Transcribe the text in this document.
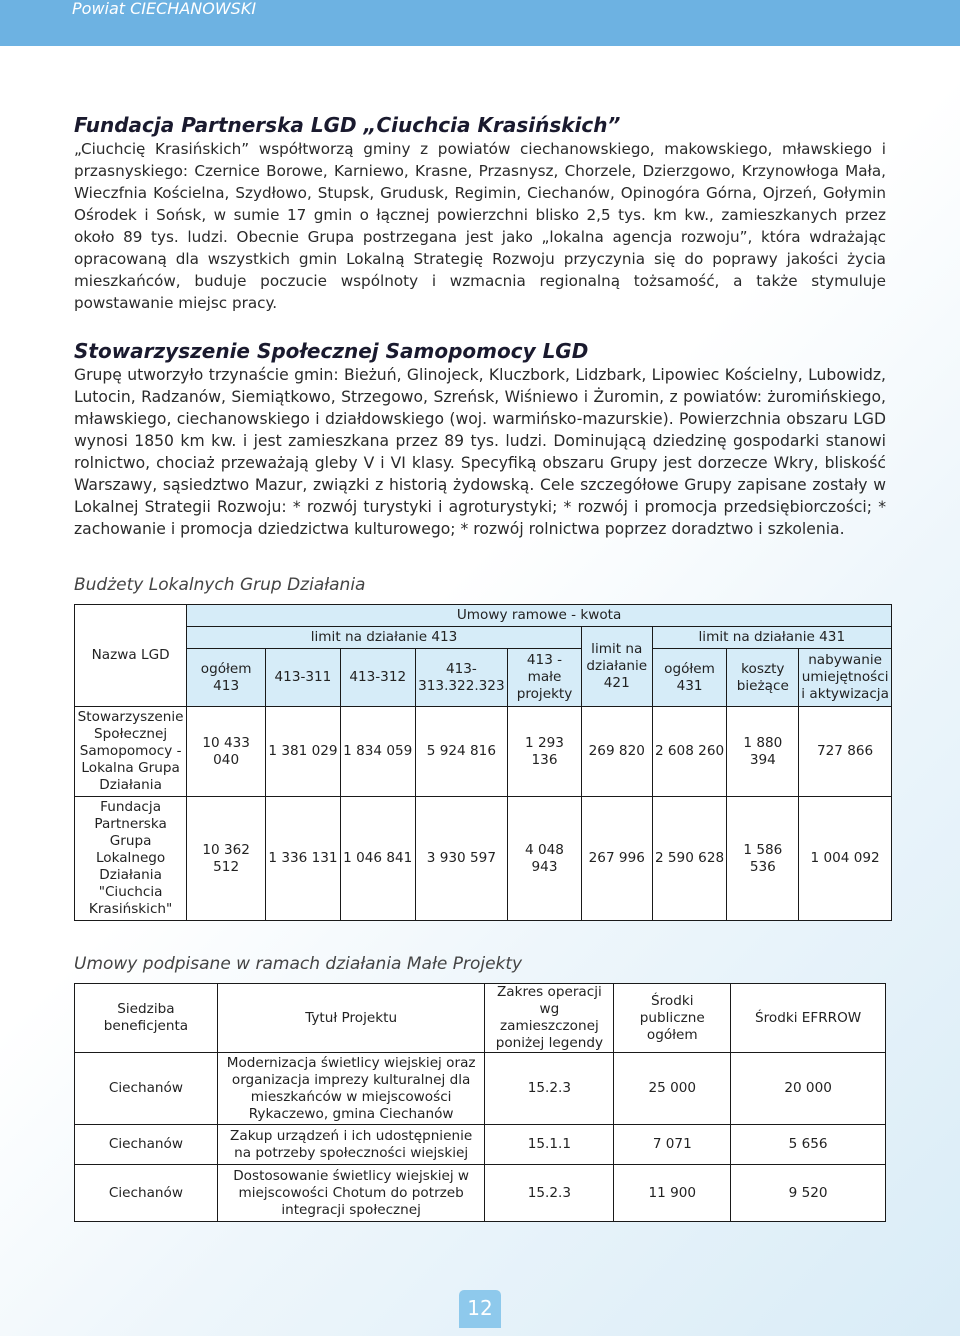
Powiat CIECHANOWSKI
Fundacja Partnerska LGD „Ciuchcia Krasińskich”

„Ciuchcię Krasińskich” współtworzą gminy z powiatów ciechanowskiego, makowskiego, mławskiego i przasnyskiego: Czernice Borowe, Karniewo, Krasne, Przasnysz, Chorzele, Dzierzgowo, Krzynowłoga Mała, Wieczfnia Kościelna, Szydłowo, Stupsk, Grudusk, Regimin, Ciechanów, Opinogóra Górna, Ojrzeń, Gołymin Ośrodek i Sońsk, w sumie 17 gmin o łącznej powierzchni blisko 2,5 tys. km kw., zamieszkanych przez około 89 tys. ludzi. Obecnie Grupa postrzegana jest jako „lokalna agencja rozwoju”, która wdrażając opracowaną dla wszystkich gmin Lokalną Strategię Rozwoju przyczynia się do poprawy jakości życia mieszkańców, buduje poczucie wspólnoty i wzmacnia regionalną tożsamość, a także stymuluje powstawanie miejsc pracy.

Stowarzyszenie Społecznej Samopomocy LGD

Grupę utworzyło trzynaście gmin: Bieżuń, Glinojeck, Kluczbork, Lidzbark, Lipowiec Kościelny, Lubowidz, Lutocin, Radzanów, Siemiątkowo, Strzegowo, Szreńsk, Wiśniewo i Żuromin, z powiatów: żuromińskiego, mławskiego, ciechanowskiego i działdowskiego (woj. warmińsko-mazurskie). Powierzchnia obszaru LGD wynosi 1850 km kw. i jest zamieszkana przez 89 tys. ludzi. Dominującą dziedzinę gospodarki stanowi rolnictwo, chociaż przeważają gleby V i VI klasy. Specyfiką obszaru Grupy jest dorzecze Wkry, bliskość Warszawy, sąsiedztwo Mazur, związki z historią żydowską. Cele szczegółowe Grupy zapisane zostały w Lokalnej Strategii Rozwoju: * rozwój turystyki i agroturystyki; * rozwój i promocja przedsiębiorczości; * zachowanie i promocja dziedzictwa kulturowego; * rozwój rolnictwa poprzez doradztwo i szkolenia.

Budżety Lokalnych Grup Działania
Nazwa LGD	Umowy ramowe - kwota								
	limit na działanie 413					limit na działanie 421	limit na działanie 431		
	ogółem 413	413-311	413-312	413-313.322.323	413 - małe projekty		ogółem 431	koszty bieżące	nabywanie umiejętności i aktywizacja
Stowarzyszenie Społecznej Samopomocy - Lokalna Grupa Działania	10 433 040	1 381 029	1 834 059	5 924 816	1 293 136	269 820	2 608 260	1 880 394	727 866
Fundacja Partnerska Grupa Lokalnego Działania "Ciuchcia Krasińskich"	10 362 512	1 336 131	1 046 841	3 930 597	4 048 943	267 996	2 590 628	1 586 536	1 004 092
Umowy podpisane w ramach działania Małe Projekty
Siedziba beneficjenta	Tytuł Projektu	Zakres operacji wg zamieszczonej poniżej legendy	Środki publiczne ogółem	Środki EFRROW
Ciechanów	Modernizacja świetlicy wiejskiej oraz organizacja imprezy kulturalnej dla mieszkańców w miejscowości Rykaczewo, gmina Ciechanów	15.2.3	25 000	20 000
Ciechanów	Zakup urządzeń i ich udostępnienie na potrzeby społeczności wiejskiej	15.1.1	7 071	5 656
Ciechanów	Dostosowanie świetlicy wiejskiej w miejscowości Chotum do potrzeb integracji społecznej	15.2.3	11 900	9 520
12
